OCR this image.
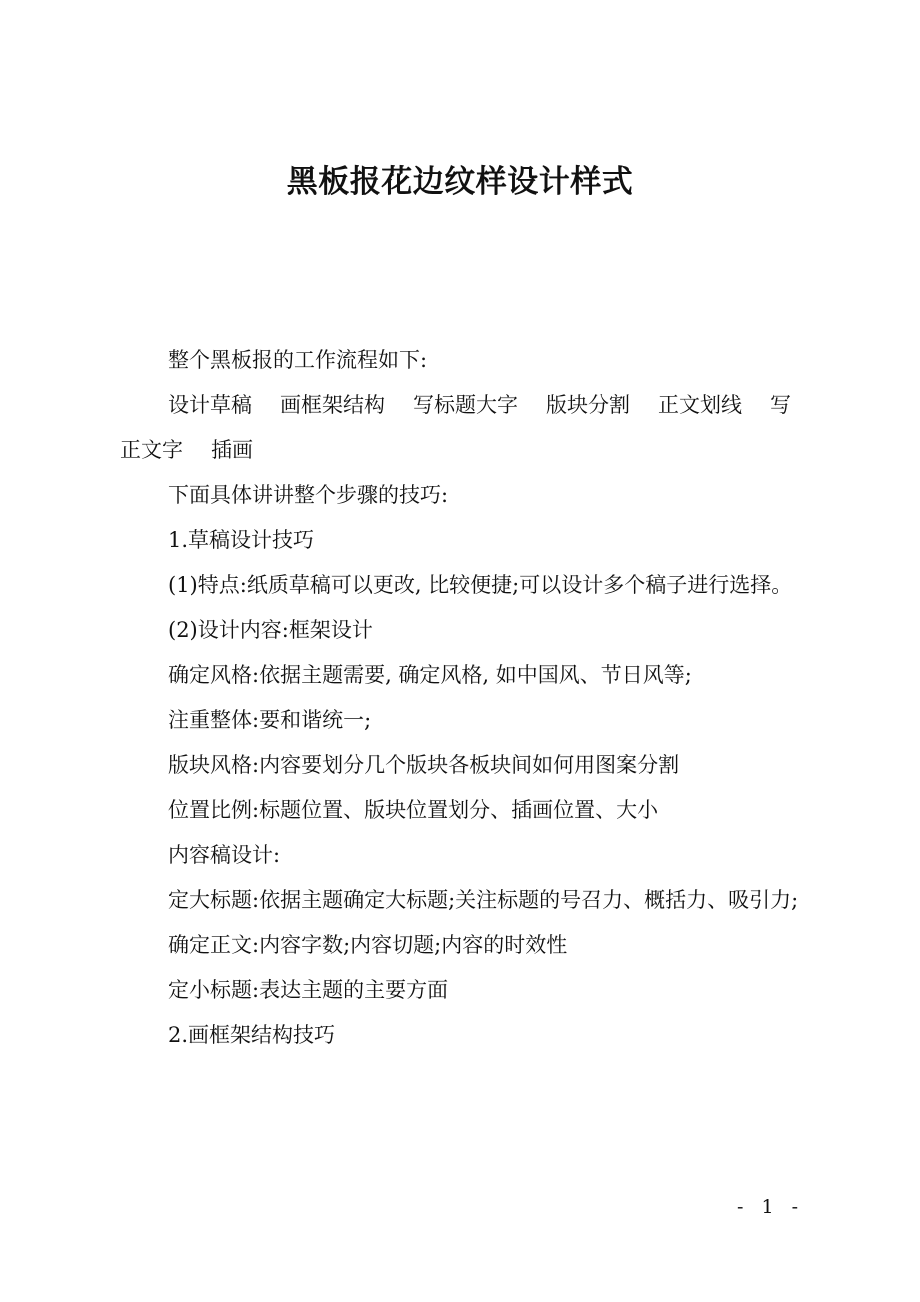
黑板报花边纹样设计样式

整个黑板报的工作流程如下:

设计草稿 画框架结构 写标题大字 版块分割 正文划线 写正文字 插画

下面具体讲讲整个步骤的技巧:

1.草稿设计技巧

(1)特点:纸质草稿可以更改, 比较便捷;可以设计多个稿子进行选择。

(2)设计内容:框架设计

确定风格:依据主题需要, 确定风格, 如中国风、节日风等;

注重整体:要和谐统一;

版块风格:内容要划分几个版块各板块间如何用图案分割

位置比例:标题位置、版块位置划分、插画位置、大小

内容稿设计:

定大标题:依据主题确定大标题;关注标题的号召力、概括力、吸引力;

确定正文:内容字数;内容切题;内容的时效性

定小标题:表达主题的主要方面

2.画框架结构技巧

- 1 -
